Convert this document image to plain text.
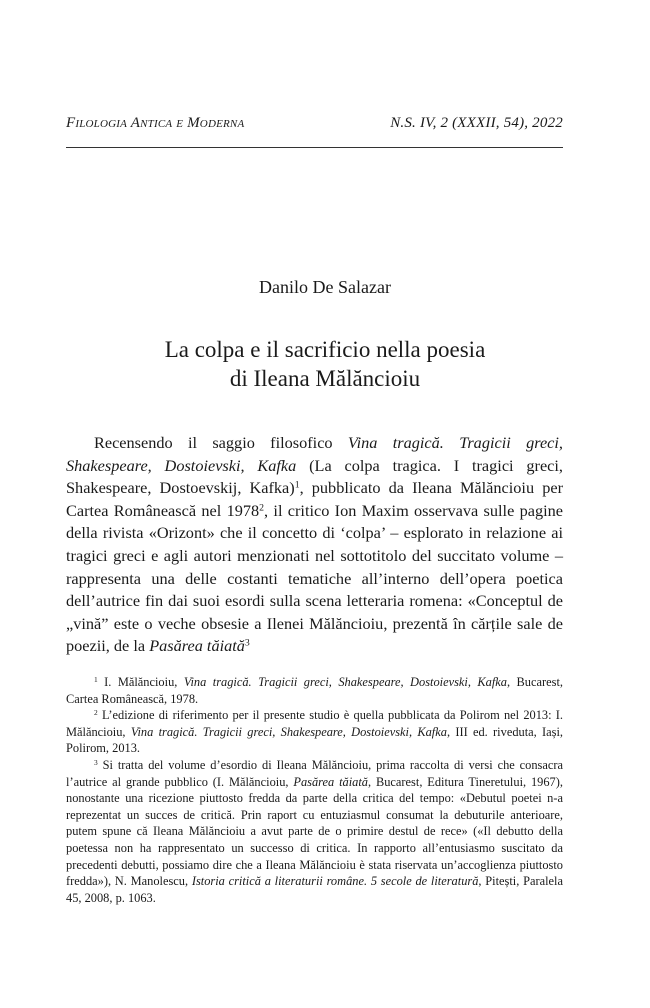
Filologia Antica e Moderna	N.S. IV, 2 (XXXII, 54), 2022
Danilo De Salazar
La colpa e il sacrificio nella poesia
di Ileana Mălăncioiu

Recensendo il saggio filosofico Vina tragică. Tragicii greci, Shakespeare, Dostoievski, Kafka (La colpa tragica. I tragici greci, Shakespeare, Dostoevskij, Kafka)$^1$, pubblicato da Ileana Mălăncioiu per Cartea Românească nel 1978$^2$, il critico Ion Maxim osservava sulle pagine della rivista «Orizont» che il concetto di ‘colpa’ – esplorato in relazione ai tragici greci e agli autori menzionati nel sottotitolo del succitato volume – rappresenta una delle costanti tematiche all’interno dell’opera poetica dell’autrice fin dai suoi esordi sulla scena letteraria romena: «Conceptul de „vină” este o veche obsesie a Ilenei Mălăncioiu, prezentă în cărțile sale de poezii, de la Pasărea tăiată$^3$

$^1$ I. Mălăncioiu, Vina tragică. Tragicii greci, Shakespeare, Dostoievski, Kafka, Bucarest, Cartea Românească, 1978.

$^2$ L’edizione di riferimento per il presente studio è quella pubblicata da Polirom nel 2013: I. Mălăncioiu, Vina tragică. Tragicii greci, Shakespeare, Dostoievski, Kafka, III ed. riveduta, Iași, Polirom, 2013.

$^3$ Si tratta del volume d’esordio di Ileana Mălăncioiu, prima raccolta di versi che consacra l’autrice al grande pubblico (I. Mălăncioiu, Pasărea tăiată, Bucarest, Editura Tineretului, 1967), nonostante una ricezione piuttosto fredda da parte della critica del tempo: «Debutul poetei n-a reprezentat un succes de critică. Prin raport cu entuziasmul consumat la debuturile anterioare, putem spune că Ileana Mălăncioiu a avut parte de o primire destul de rece» («Il debutto della poetessa non ha rappresentato un successo di critica. In rapporto all’entusiasmo suscitato da precedenti debutti, possiamo dire che a Ileana Mălăncioiu è stata riservata un’accoglienza piuttosto fredda»), N. Manolescu, Istoria critică a literaturii române. 5 secole de literatură, Pitești, Paralela 45, 2008, p. 1063.
